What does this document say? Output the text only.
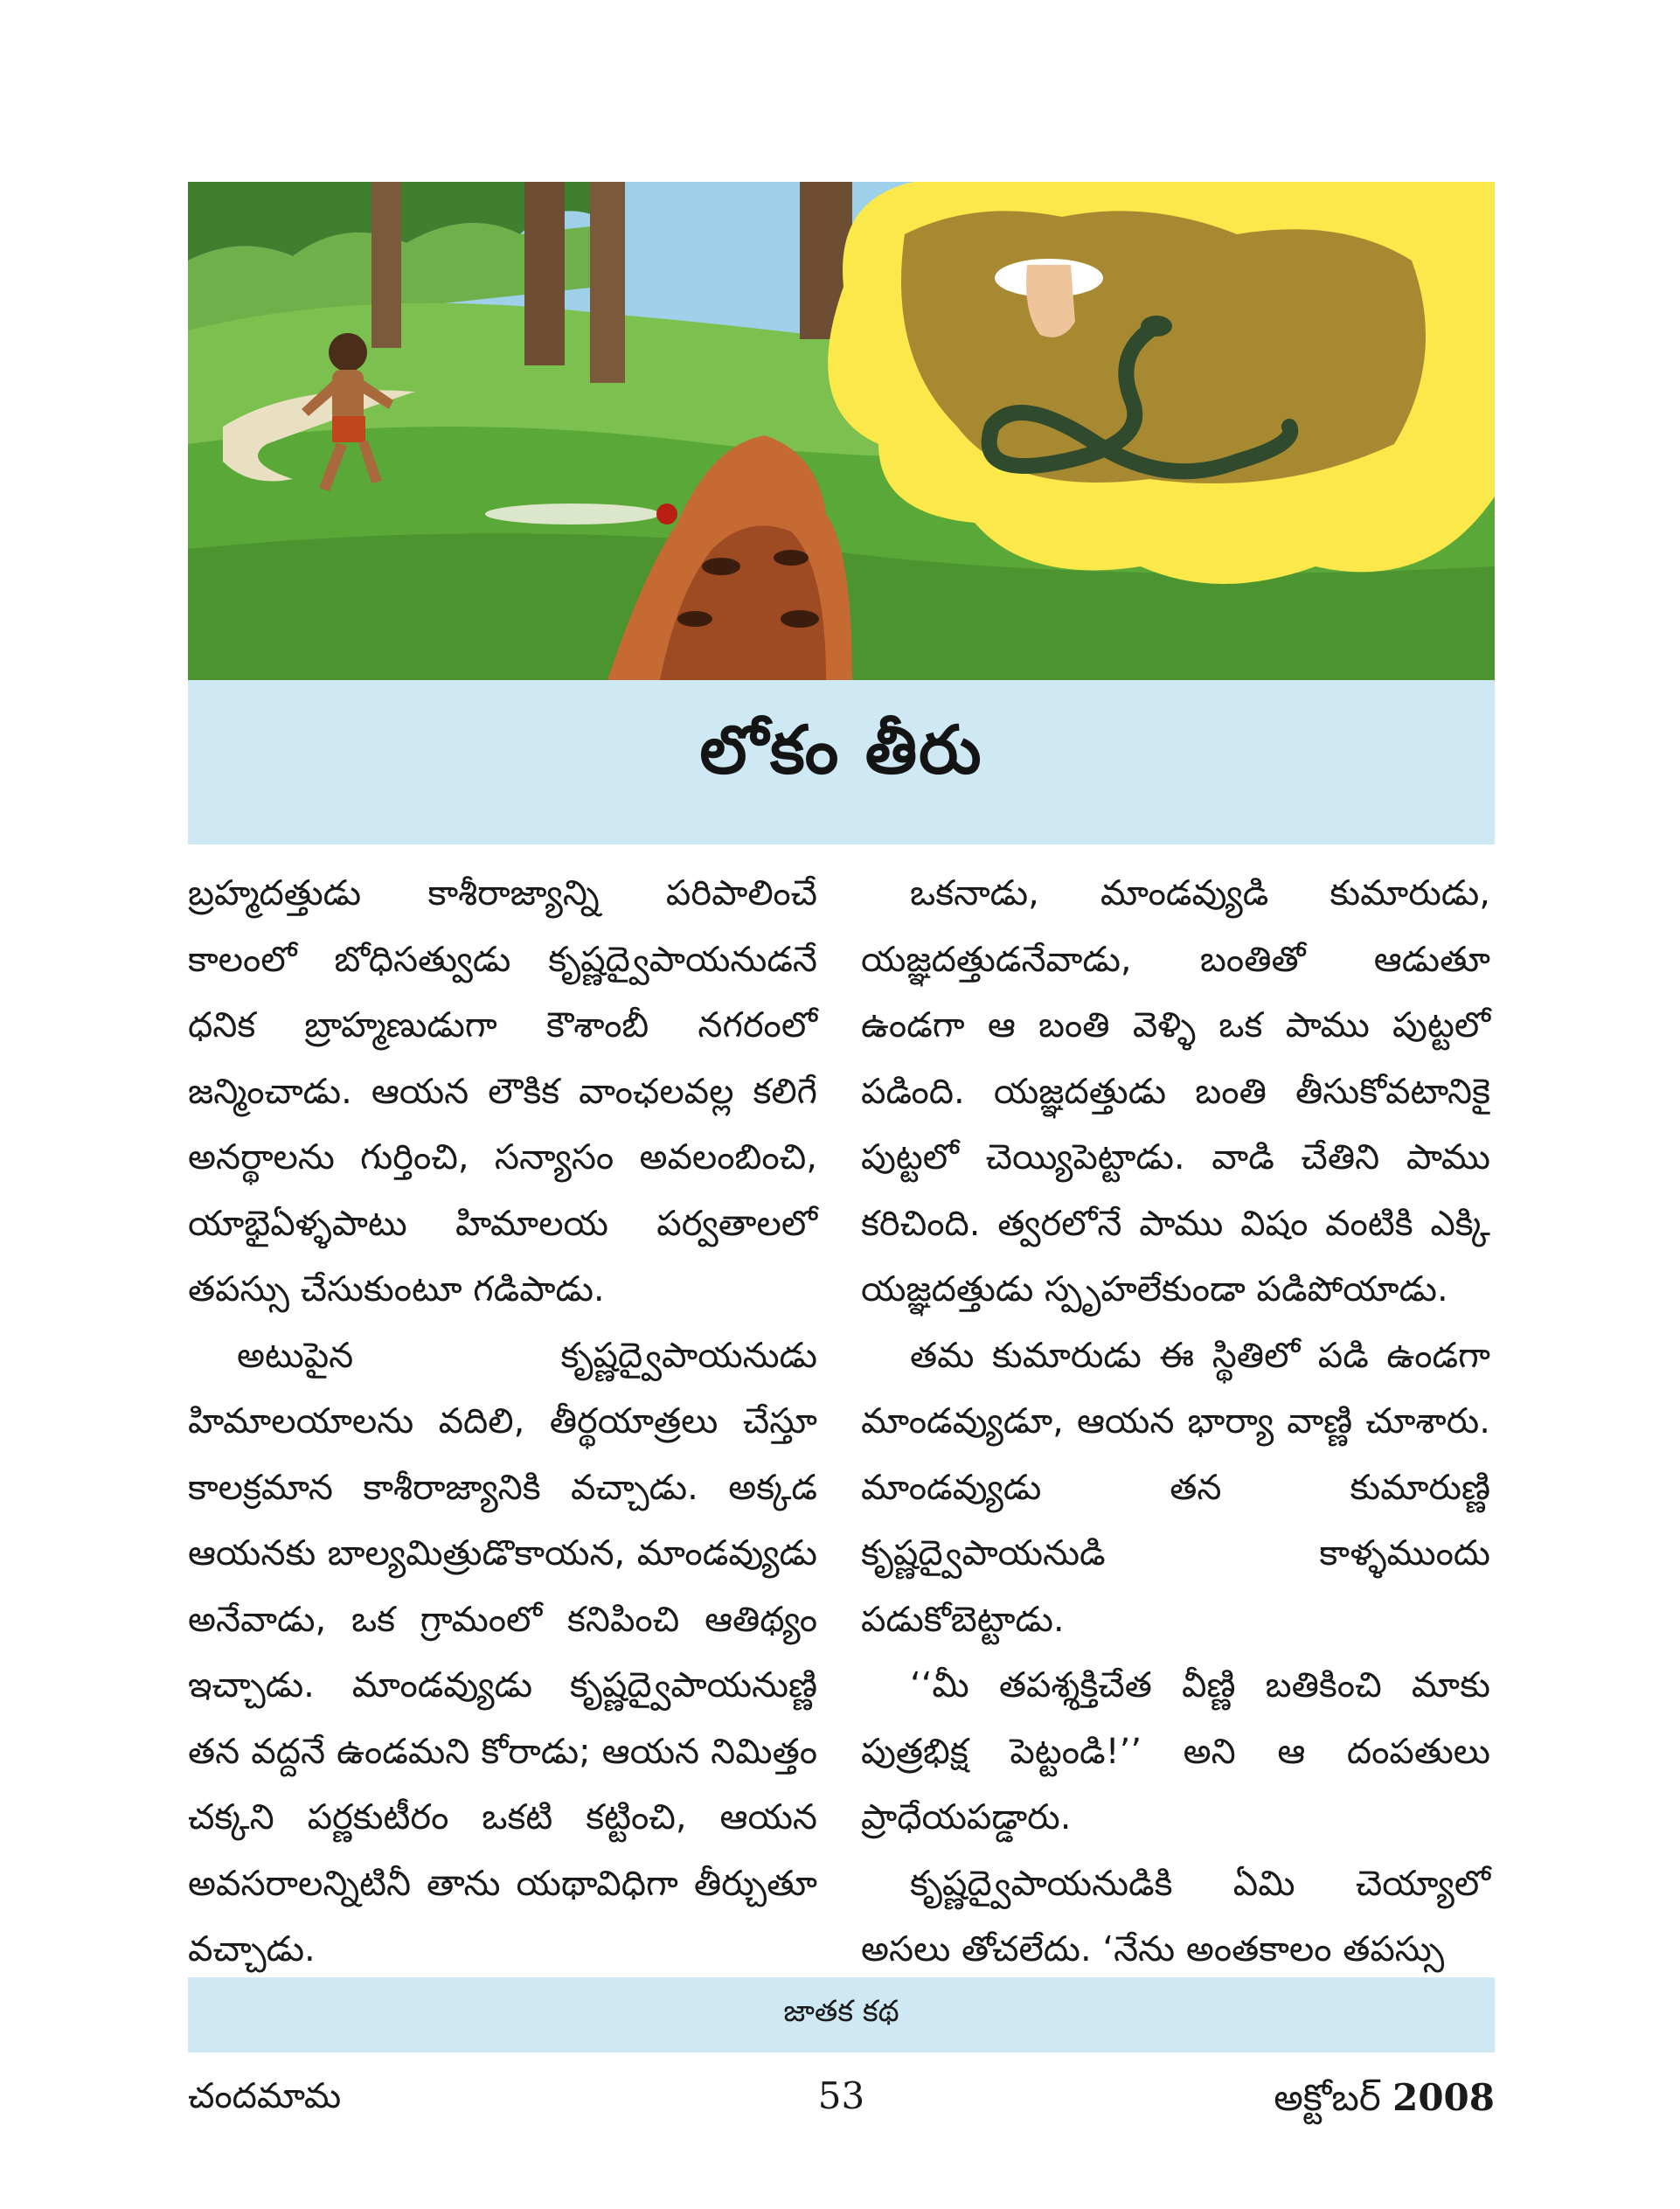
లోకం తీరు

బ్రహ్మదత్తుడు కాశీరాజ్యాన్ని పరిపాలించే కాలంలో బోధిసత్వుడు కృష్ణద్వైపాయనుడనే ధనిక బ్రాహ్మణుడుగా కౌశాంబీ నగరంలో జన్మించాడు. ఆయన లౌకిక వాంఛలవల్ల కలిగే అనర్థాలను గుర్తించి, సన్యాసం అవలంబించి, యాభైఏళ్ళపాటు హిమాలయ పర్వతాలలో తపస్సు చేసుకుంటూ గడిపాడు.

అటుపైన కృష్ణద్వైపాయనుడు హిమాలయాలను వదిలి, తీర్థయాత్రలు చేస్తూ కాలక్రమాన కాశీరాజ్యానికి వచ్చాడు. అక్కడ ఆయనకు బాల్యమిత్రుడొకాయన, మాండవ్యుడు అనేవాడు, ఒక గ్రామంలో కనిపించి ఆతిథ్యం ఇచ్చాడు. మాండవ్యుడు కృష్ణద్వైపాయనుణ్ణి తన వద్దనే ఉండమని కోరాడు; ఆయన నిమిత్తం చక్కని పర్ణకుటీరం ఒకటి కట్టించి, ఆయన అవసరాలన్నిటినీ తాను యథావిధిగా తీర్చుతూ వచ్చాడు.

ఒకనాడు, మాండవ్యుడి కుమారుడు, యజ్ఞదత్తుడనేవాడు, బంతితో ఆడుతూ ఉండగా ఆ బంతి వెళ్ళి ఒక పాము పుట్టలో పడింది. యజ్ఞదత్తుడు బంతి తీసుకోవటానికై పుట్టలో చెయ్యిపెట్టాడు. వాడి చేతిని పాము కరిచింది. త్వరలోనే పాము విషం వంటికి ఎక్కి యజ్ఞదత్తుడు స్పృహలేకుండా పడిపోయాడు.

తమ కుమారుడు ఈ స్థితిలో పడి ఉండగా మాండవ్యుడూ, ఆయన భార్యా వాణ్ణి చూశారు. మాండవ్యుడు తన కుమారుణ్ణి కృష్ణద్వైపాయనుడి కాళ్ళముందు పడుకోబెట్టాడు.

‘‘మీ తపశ్శక్తిచేత వీణ్ణి బతికించి మాకు పుత్రభిక్ష పెట్టండి!’’ అని ఆ దంపతులు ప్రాధేయపడ్డారు.

కృష్ణద్వైపాయనుడికి ఏమి చెయ్యాలో అసలు తోచలేదు. ‘నేను అంతకాలం తపస్సు

జాతక కథ
చందమామ	53	అక్టోబర్ 2008
